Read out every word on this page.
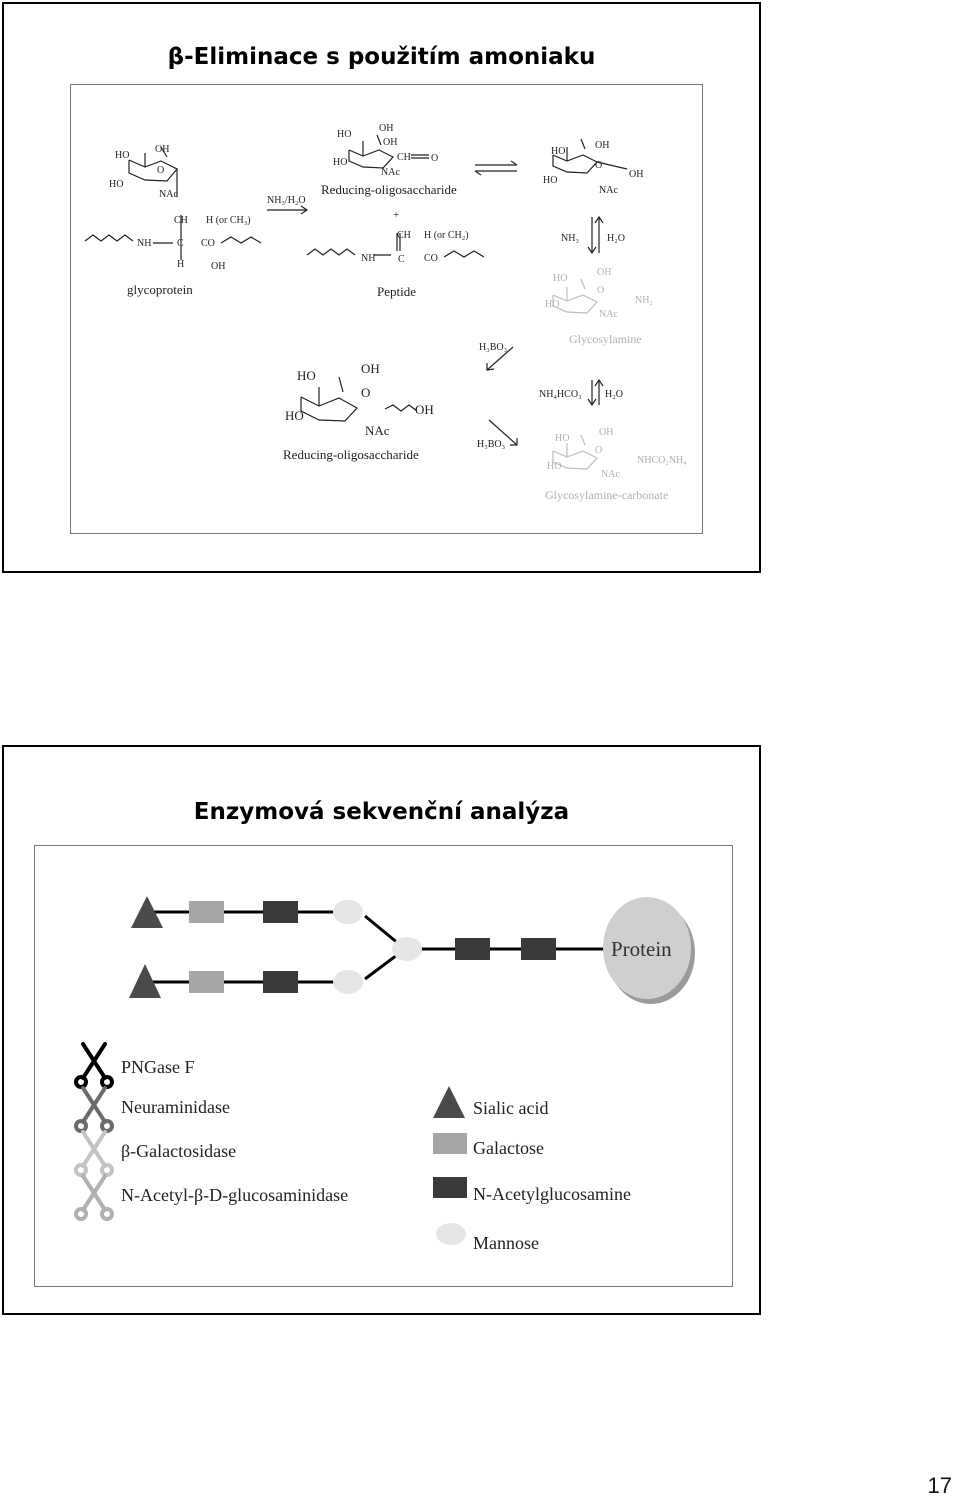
β-Eliminace s použitím amoniaku
HO
OH
HO
O
NAc
CH H (or CH₃)
NH	C CO
H	OH
glycoprotein
NH₃/H₂O
HO
OH
OH
HO	CH O
NAc
Reducing-oligosaccharide
+
CH H (or CH₂)
NH C CO
Peptide
HO
OH
O
HO
NAc
OH
NH₃	H₂O
HO
OH
O
HO	NH₂
NAc
Glycosylamine
H₃BO₃
H₃BO₃
HO	OH
O
HO	OH
NAc
Reducing-oligosaccharide
NH₄HCO₃ H₂O
HO
OH
O
HO
NHCO₂NH₄
NAc
Glycosylamine-carbonate
Enzymová sekvenční analýza
Protein
PNGase F
Neuraminidase
β-Galactosidase
N-Acetyl-β-D-glucosaminidase
Sialic acid
Galactose
N-Acetylglucosamine
Mannose
17
